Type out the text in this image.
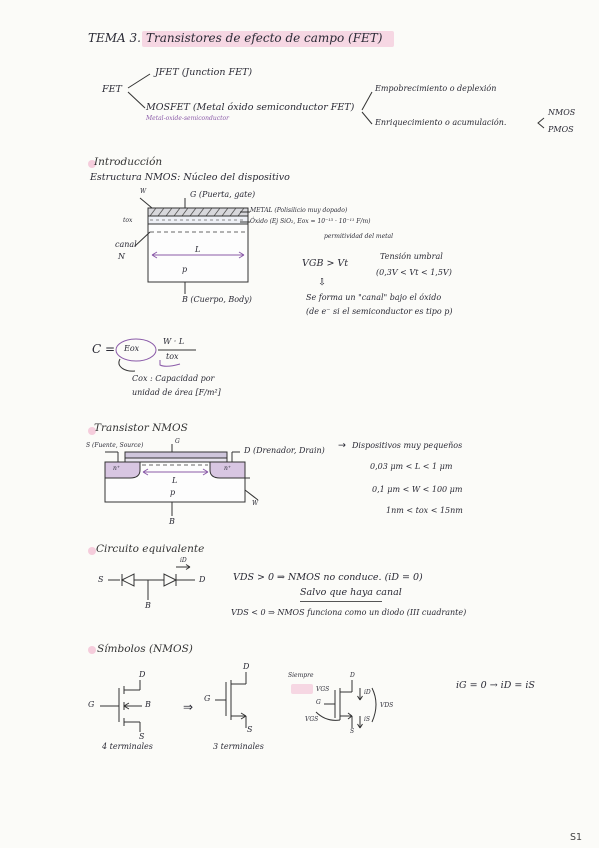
TEMA 3. Transistores de efecto de campo (FET)
FET
JFET (Junction FET)
MOSFET (Metal óxido semiconductor FET)
Metal-oxide-semiconductor
Empobrecimiento o deplexión
Enriquecimiento o acumulación.
NMOS
PMOS
Introducción
Estructura NMOS: Núcleo del dispositivo
W	G (Puerta, gate)
tox
METAL (Polisilicio muy dopado)
Óxido (Ej SiO₂, Eox = 10⁻¹³ · 10⁻¹¹ F/m)
permitividad del metal
canal
N
L
p
B (Cuerpo, Body)
VGB > Vt
Tensión umbral
(0,3V < Vt < 1,5V)
⇩
Se forma un "canal" bajo el óxido
(de e⁻ si el semiconductor es tipo p)
C = Eox
W · L
tox
Cox : Capacidad por
unidad de área [F/m²]
Transistor NMOS
S (Fuente, Source)
G
D (Drenador, Drain)
n⁺	n⁺
L
p
B
W
→ Dispositivos muy pequeños
0,03 μm < L < 1 μm
0,1 μm < W < 100 μm
1nm < tox < 15nm
Circuito equivalente
S	D
B
iD
VDS > 0 ⇒ NMOS no conduce. (iD = 0)
Salvo que haya canal
VDS < 0 ⇒ NMOS funciona como un diodo (III cuadrante)
Símbolos (NMOS)
D
G	B
S
4 terminales
⇒
D
G
S
3 terminales
Siempre
VGS
D
G
S
iD
iS
VDS
VGS
iG = 0 → iD = iS
S1
